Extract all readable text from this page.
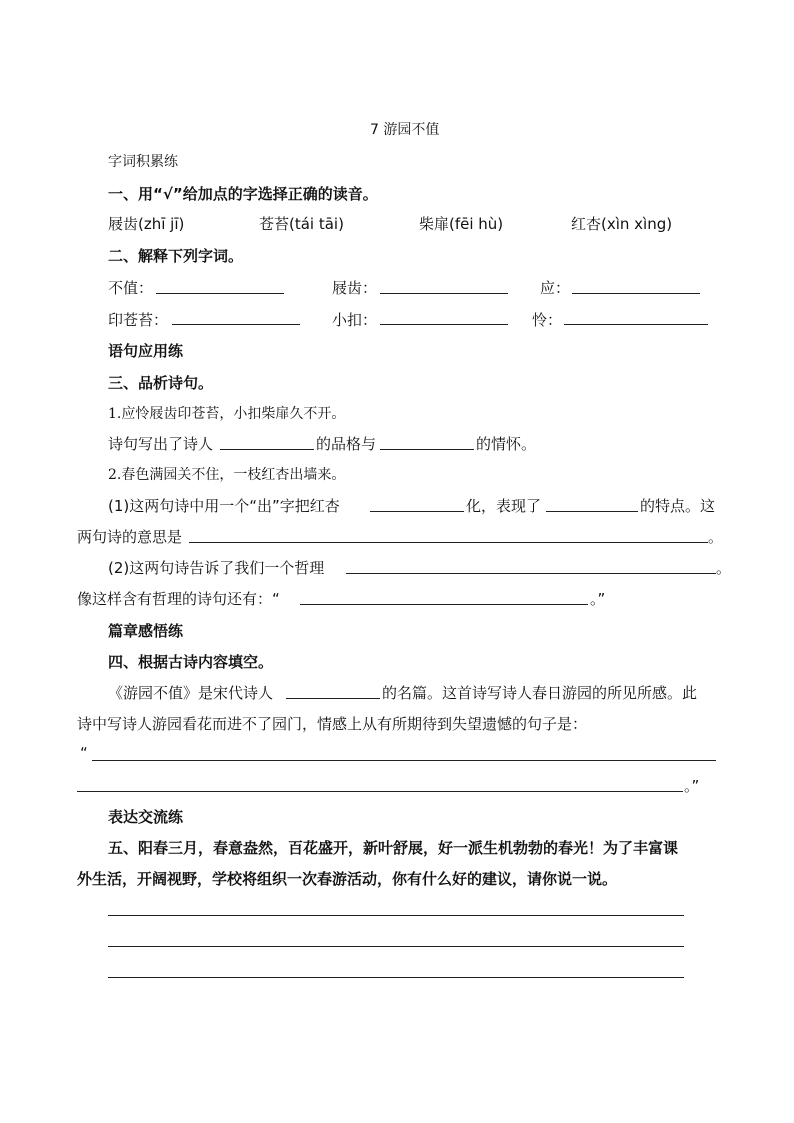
7 游园不值
字词积累练
一、用“√”给加点的字选择正确的读音。
屐齿(zhī jī)	苍苔(tái tāi)	柴扉(fēi hù)	红杏(xìn xìng)
二、解释下列字词。
不值：	屐齿：	应：
印苍苔：	小扣：	怜：
语句应用练
三、品析诗句。
1.应怜屐齿印苍苔，小扣柴扉久不开。
诗句写出了诗人	的品格与	的情怀。
2.春色满园关不住，一枝红杏出墙来。
(1)这两句诗中用一个“出”字把红杏	化，表现了	的特点。这
两句诗的意思是	。
(2)这两句诗告诉了我们一个哲理	。
像这样含有哲理的诗句还有：“	。”
篇章感悟练
四、根据古诗内容填空。
《游园不值》是宋代诗人	的名篇。这首诗写诗人春日游园的所见所感。此
诗中写诗人游园看花而进不了园门，情感上从有所期待到失望遗憾的句子是：
“
。”
表达交流练
五、阳春三月，春意盎然，百花盛开，新叶舒展，好一派生机勃勃的春光！为了丰富课
外生活，开阔视野，学校将组织一次春游活动，你有什么好的建议，请你说一说。
